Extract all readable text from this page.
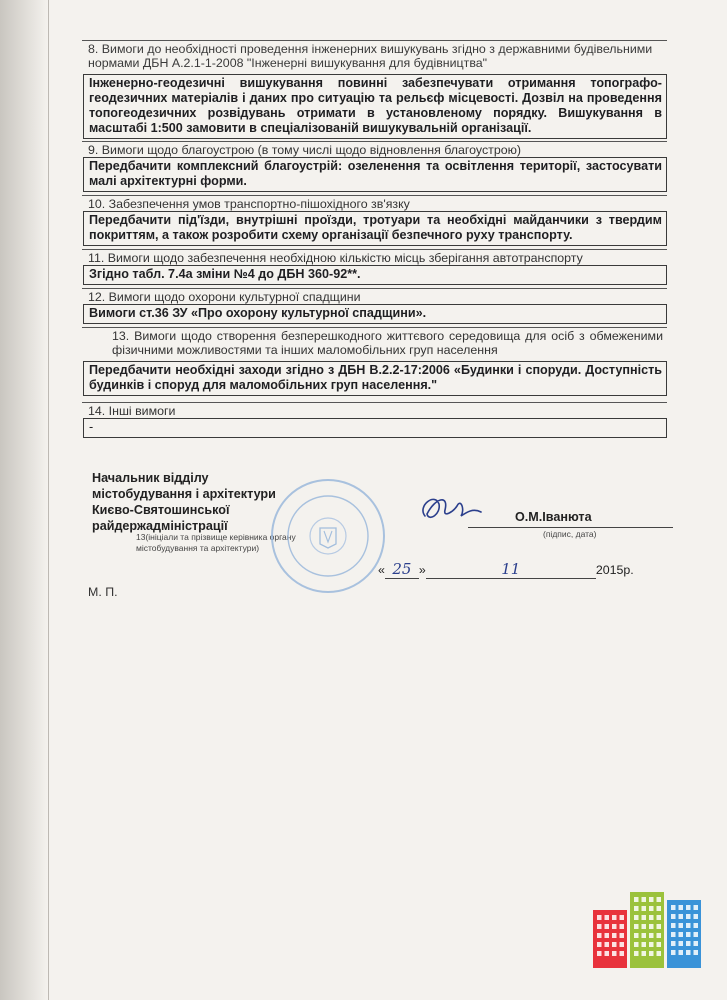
8. Вимоги до необхідності проведення інженерних вишукувань згідно з державними будівельними нормами ДБН А.2.1-1-2008 "Інженерні вишукування для будівництва"
Інженерно-геодезичні вишукування повинні забезпечувати отримання топографо-геодезичних матеріалів і даних про ситуацію та рельєф місцевості. Дозвіл на проведення топогеодезичних розвідувань отримати в установленому порядку. Вишукування в масштабі 1:500 замовити в спеціалізованій вишукувальній організації.
9. Вимоги щодо благоустрою (в тому числі щодо відновлення благоустрою)
Передбачити комплексний благоустрій: озеленення та освітлення території, застосувати малі архітектурні форми.
10. Забезпечення умов транспортно-пішохідного зв'язку
Передбачити під'їзди, внутрішні проїзди, тротуари та необхідні майданчики з твердим покриттям, а також розробити схему організації безпечного руху транспорту.
11. Вимоги щодо забезпечення необхідною кількістю місць зберігання автотранспорту
Згідно табл. 7.4а зміни №4 до ДБН 360-92**.
12. Вимоги щодо охорони культурної спадщини
Вимоги ст.36 ЗУ «Про охорону культурної спадщини».
13. Вимоги щодо створення безперешкодного життєвого середовища для осіб з обмеженими фізичними можливостями та інших маломобільних груп населення
Передбачити необхідні заходи згідно з ДБН В.2.2-17:2006 «Будинки і споруди. Доступність будинків і споруд для маломобільних груп населення."
14. Інші вимоги
-
Начальник відділу
містобудування і архітектури
Києво-Святошинської
райдержадміністрації
13(ініціали та прізвище керівника органу містобудування та архітектури)
О.М.Іванюта
(підпис, дата)
« 25 »	11	2015р.
М. П.
